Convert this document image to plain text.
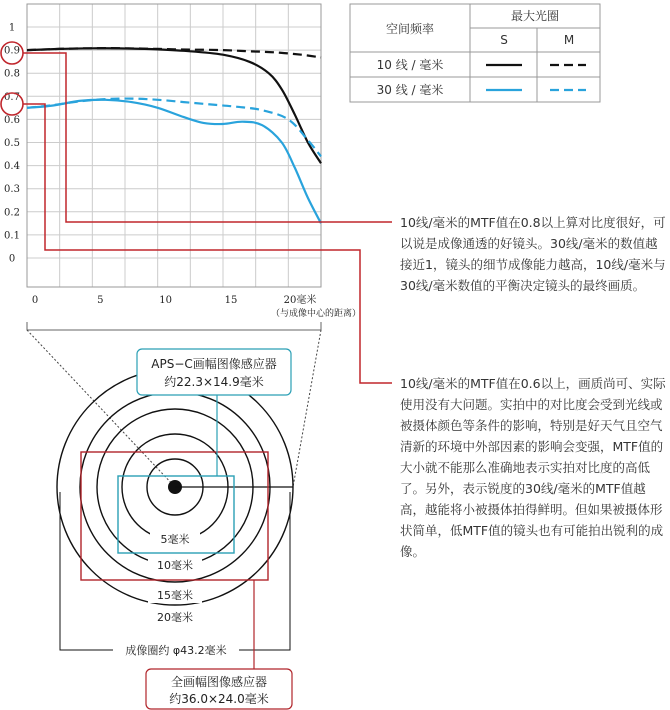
1
0.9
0.8
0.7
0.6
0.5
0.4
0.3
0.2
0.1
0
0	5	10	15	20毫米
（与成像中心的距离）
空间频率
最大光圈
S	M
10 线 / 毫米
30 线 / 毫米
5毫米
10毫米
15毫米
20毫米
成像圈约 φ43.2毫米
APS−C画幅图像感应器
约22.3×14.9毫米
全画幅图像感应器
约36.0×24.0毫米
10线/毫米的MTF值在0.8以上算对比度很好，可以说是成像通透的好镜头。30线/毫米的数值越接近1，镜头的细节成像能力越高，10线/毫米与30线/毫米数值的平衡决定镜头的最终画质。
10线/毫米的MTF值在0.6以上，画质尚可、实际使用没有大问题。实拍中的对比度会受到光线或被摄体颜色等条件的影响，特别是好天气且空气清新的环境中外部因素的影响会变强，MTF值的大小就不能那么准确地表示实拍对比度的高低了。另外，表示锐度的30线/毫米的MTF值越高，越能将小被摄体拍得鲜明。但如果被摄体形状简单，低MTF值的镜头也有可能拍出锐利的成像。
